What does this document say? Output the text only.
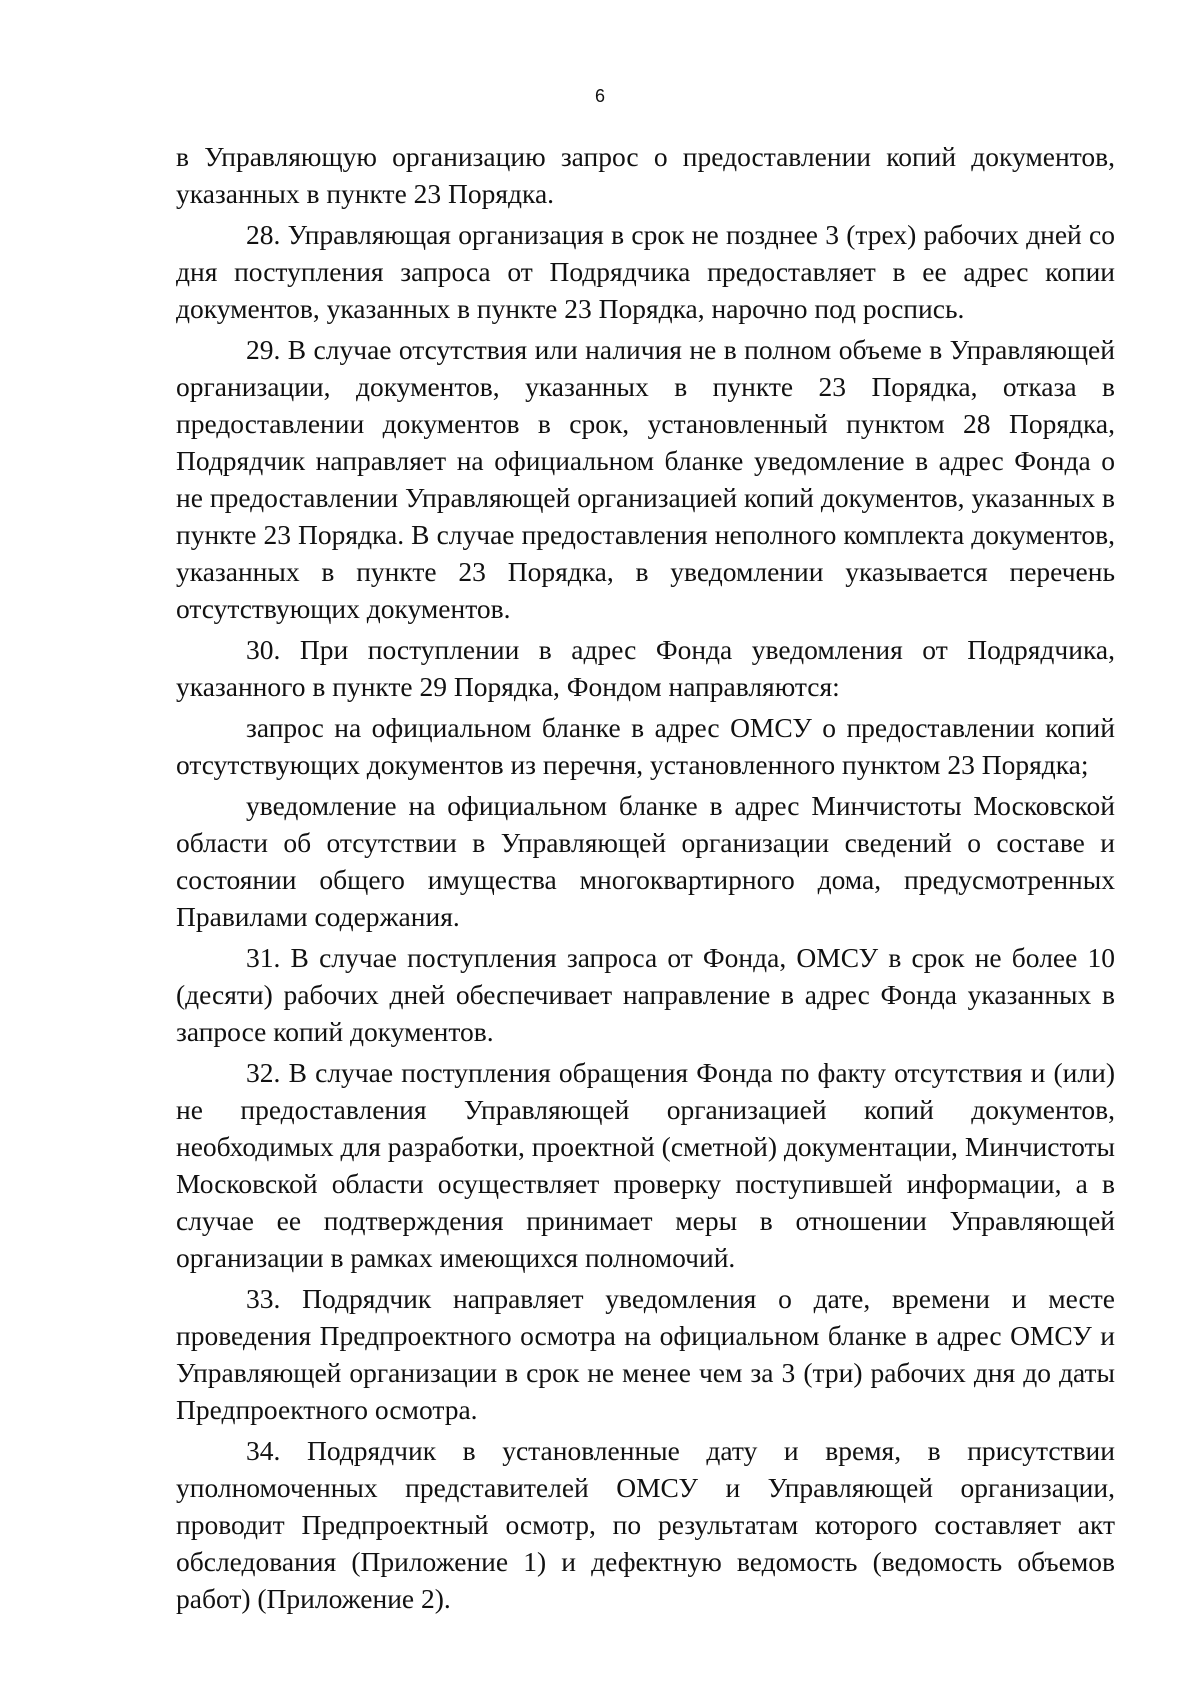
6

в Управляющую организацию запрос о предоставлении копий документов, указанных в пункте 23 Порядка.

28. Управляющая организация в срок не позднее 3 (трех) рабочих дней со дня поступления запроса от Подрядчика предоставляет в ее адрес копии документов, указанных в пункте 23 Порядка, нарочно под роспись.

29. В случае отсутствия или наличия не в полном объеме в Управляющей организации, документов, указанных в пункте 23 Порядка, отказа в предоставлении документов в срок, установленный пунктом 28 Порядка, Подрядчик направляет на официальном бланке уведомление в адрес Фонда о не предоставлении Управляющей организацией копий документов, указанных в пункте 23 Порядка. В случае предоставления неполного комплекта документов, указанных в пункте 23 Порядка, в уведомлении указывается перечень отсутствующих документов.

30. При поступлении в адрес Фонда уведомления от Подрядчика, указанного в пункте 29 Порядка, Фондом направляются:

запрос на официальном бланке в адрес ОМСУ о предоставлении копий отсутствующих документов из перечня, установленного пунктом 23 Порядка;

уведомление на официальном бланке в адрес Минчистоты Московской области об отсутствии в Управляющей организации сведений о составе и состоянии общего имущества многоквартирного дома, предусмотренных Правилами содержания.

31. В случае поступления запроса от Фонда, ОМСУ в срок не более 10 (десяти) рабочих дней обеспечивает направление в адрес Фонда указанных в запросе копий документов.

32. В случае поступления обращения Фонда по факту отсутствия и (или) не предоставления Управляющей организацией копий документов, необходимых для разработки, проектной (сметной) документации, Минчистоты Московской области осуществляет проверку поступившей информации, а в случае ее подтверждения принимает меры в отношении Управляющей организации в рамках имеющихся полномочий.

33. Подрядчик направляет уведомления о дате, времени и месте проведения Предпроектного осмотра на официальном бланке в адрес ОМСУ и Управляющей организации в срок не менее чем за 3 (три) рабочих дня до даты Предпроектного осмотра.

34. Подрядчик в установленные дату и время, в присутствии уполномоченных представителей ОМСУ и Управляющей организации, проводит Предпроектный осмотр, по результатам которого составляет акт обследования (Приложение 1) и дефектную ведомость (ведомость объемов работ) (Приложение 2).
